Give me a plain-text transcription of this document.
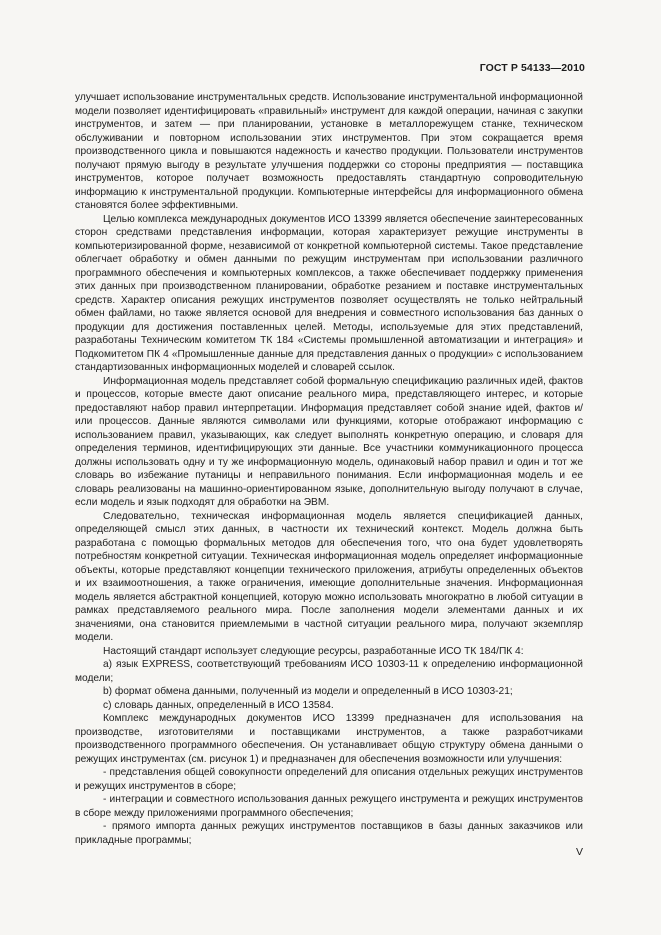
ГОСТ Р 54133—2010

улучшает использование инструментальных средств. Использование инструментальной информационной модели позволяет идентифицировать «правильный» инструмент для каждой операции, начиная с закупки инструментов, и затем — при планировании, установке в металлорежущем станке, техническом обслуживании и повторном использовании этих инструментов. При этом сокращается время производственного цикла и повышаются надежность и качество продукции. Пользователи инструментов получают прямую выгоду в результате улучшения поддержки со стороны предприятия — поставщика инструментов, которое получает возможность предоставлять стандартную сопроводительную информацию к инструментальной продукции. Компьютерные интерфейсы для информационного обмена становятся более эффективными.

Целью комплекса международных документов ИСО 13399 является обеспечение заинтересованных сторон средствами представления информации, которая характеризует режущие инструменты в компьютеризированной форме, независимой от конкретной компьютерной системы. Такое представление облегчает обработку и обмен данными по режущим инструментам при использовании различного программного обеспечения и компьютерных комплексов, а также обеспечивает поддержку применения этих данных при производственном планировании, обработке резанием и поставке инструментальных средств. Характер описания режущих инструментов позволяет осуществлять не только нейтральный обмен файлами, но также является основой для внедрения и совместного использования баз данных о продукции для достижения поставленных целей. Методы, используемые для этих представлений, разработаны Техническим комитетом ТК 184 «Системы промышленной автоматизации и интеграция» и Подкомитетом ПК 4 «Промышленные данные для представления данных о продукции» с использованием стандартизованных информационных моделей и словарей ссылок.

Информационная модель представляет собой формальную спецификацию различных идей, фактов и процессов, которые вместе дают описание реального мира, представляющего интерес, и которые предоставляют набор правил интерпретации. Информация представляет собой знание идей, фактов и/или процессов. Данные являются символами или функциями, которые отображают информацию с использованием правил, указывающих, как следует выполнять конкретную операцию, и словаря для определения терминов, идентифицирующих эти данные. Все участники коммуникационного процесса должны использовать одну и ту же информационную модель, одинаковый набор правил и один и тот же словарь во избежание путаницы и неправильного понимания. Если информационная модель и ее словарь реализованы на машинно-ориентированном языке, дополнительную выгоду получают в случае, если модель и язык подходят для обработки на ЭВМ.

Следовательно, техническая информационная модель является спецификацией данных, определяющей смысл этих данных, в частности их технический контекст. Модель должна быть разработана с помощью формальных методов для обеспечения того, что она будет удовлетворять потребностям конкретной ситуации. Техническая информационная модель определяет информационные объекты, которые представляют концепции технического приложения, атрибуты определенных объектов и их взаимоотношения, а также ограничения, имеющие дополнительные значения. Информационная модель является абстрактной концепцией, которую можно использовать многократно в любой ситуации в рамках представляемого реального мира. После заполнения модели элементами данных и их значениями, она становится приемлемыми в частной ситуации реального мира, получают экземпляр модели.

Настоящий стандарт использует следующие ресурсы, разработанные ИСО ТК 184/ПК 4:

a) язык EXPRESS, соответствующий требованиям ИСО 10303-11 к определению информационной модели;

b) формат обмена данными, полученный из модели и определенный в ИСО 10303-21;

c) словарь данных, определенный в ИСО 13584.

Комплекс международных документов ИСО 13399 предназначен для использования на производстве, изготовителями и поставщиками инструментов, а также разработчиками производственного программного обеспечения. Он устанавливает общую структуру обмена данными о режущих инструментах (см. рисунок 1) и предназначен для обеспечения возможности или улучшения:

- представления общей совокупности определений для описания отдельных режущих инструментов и режущих инструментов в сборе;

- интеграции и совместного использования данных режущего инструмента и режущих инструментов в сборе между приложениями программного обеспечения;

- прямого импорта данных режущих инструментов поставщиков в базы данных заказчиков или прикладные программы;

V
